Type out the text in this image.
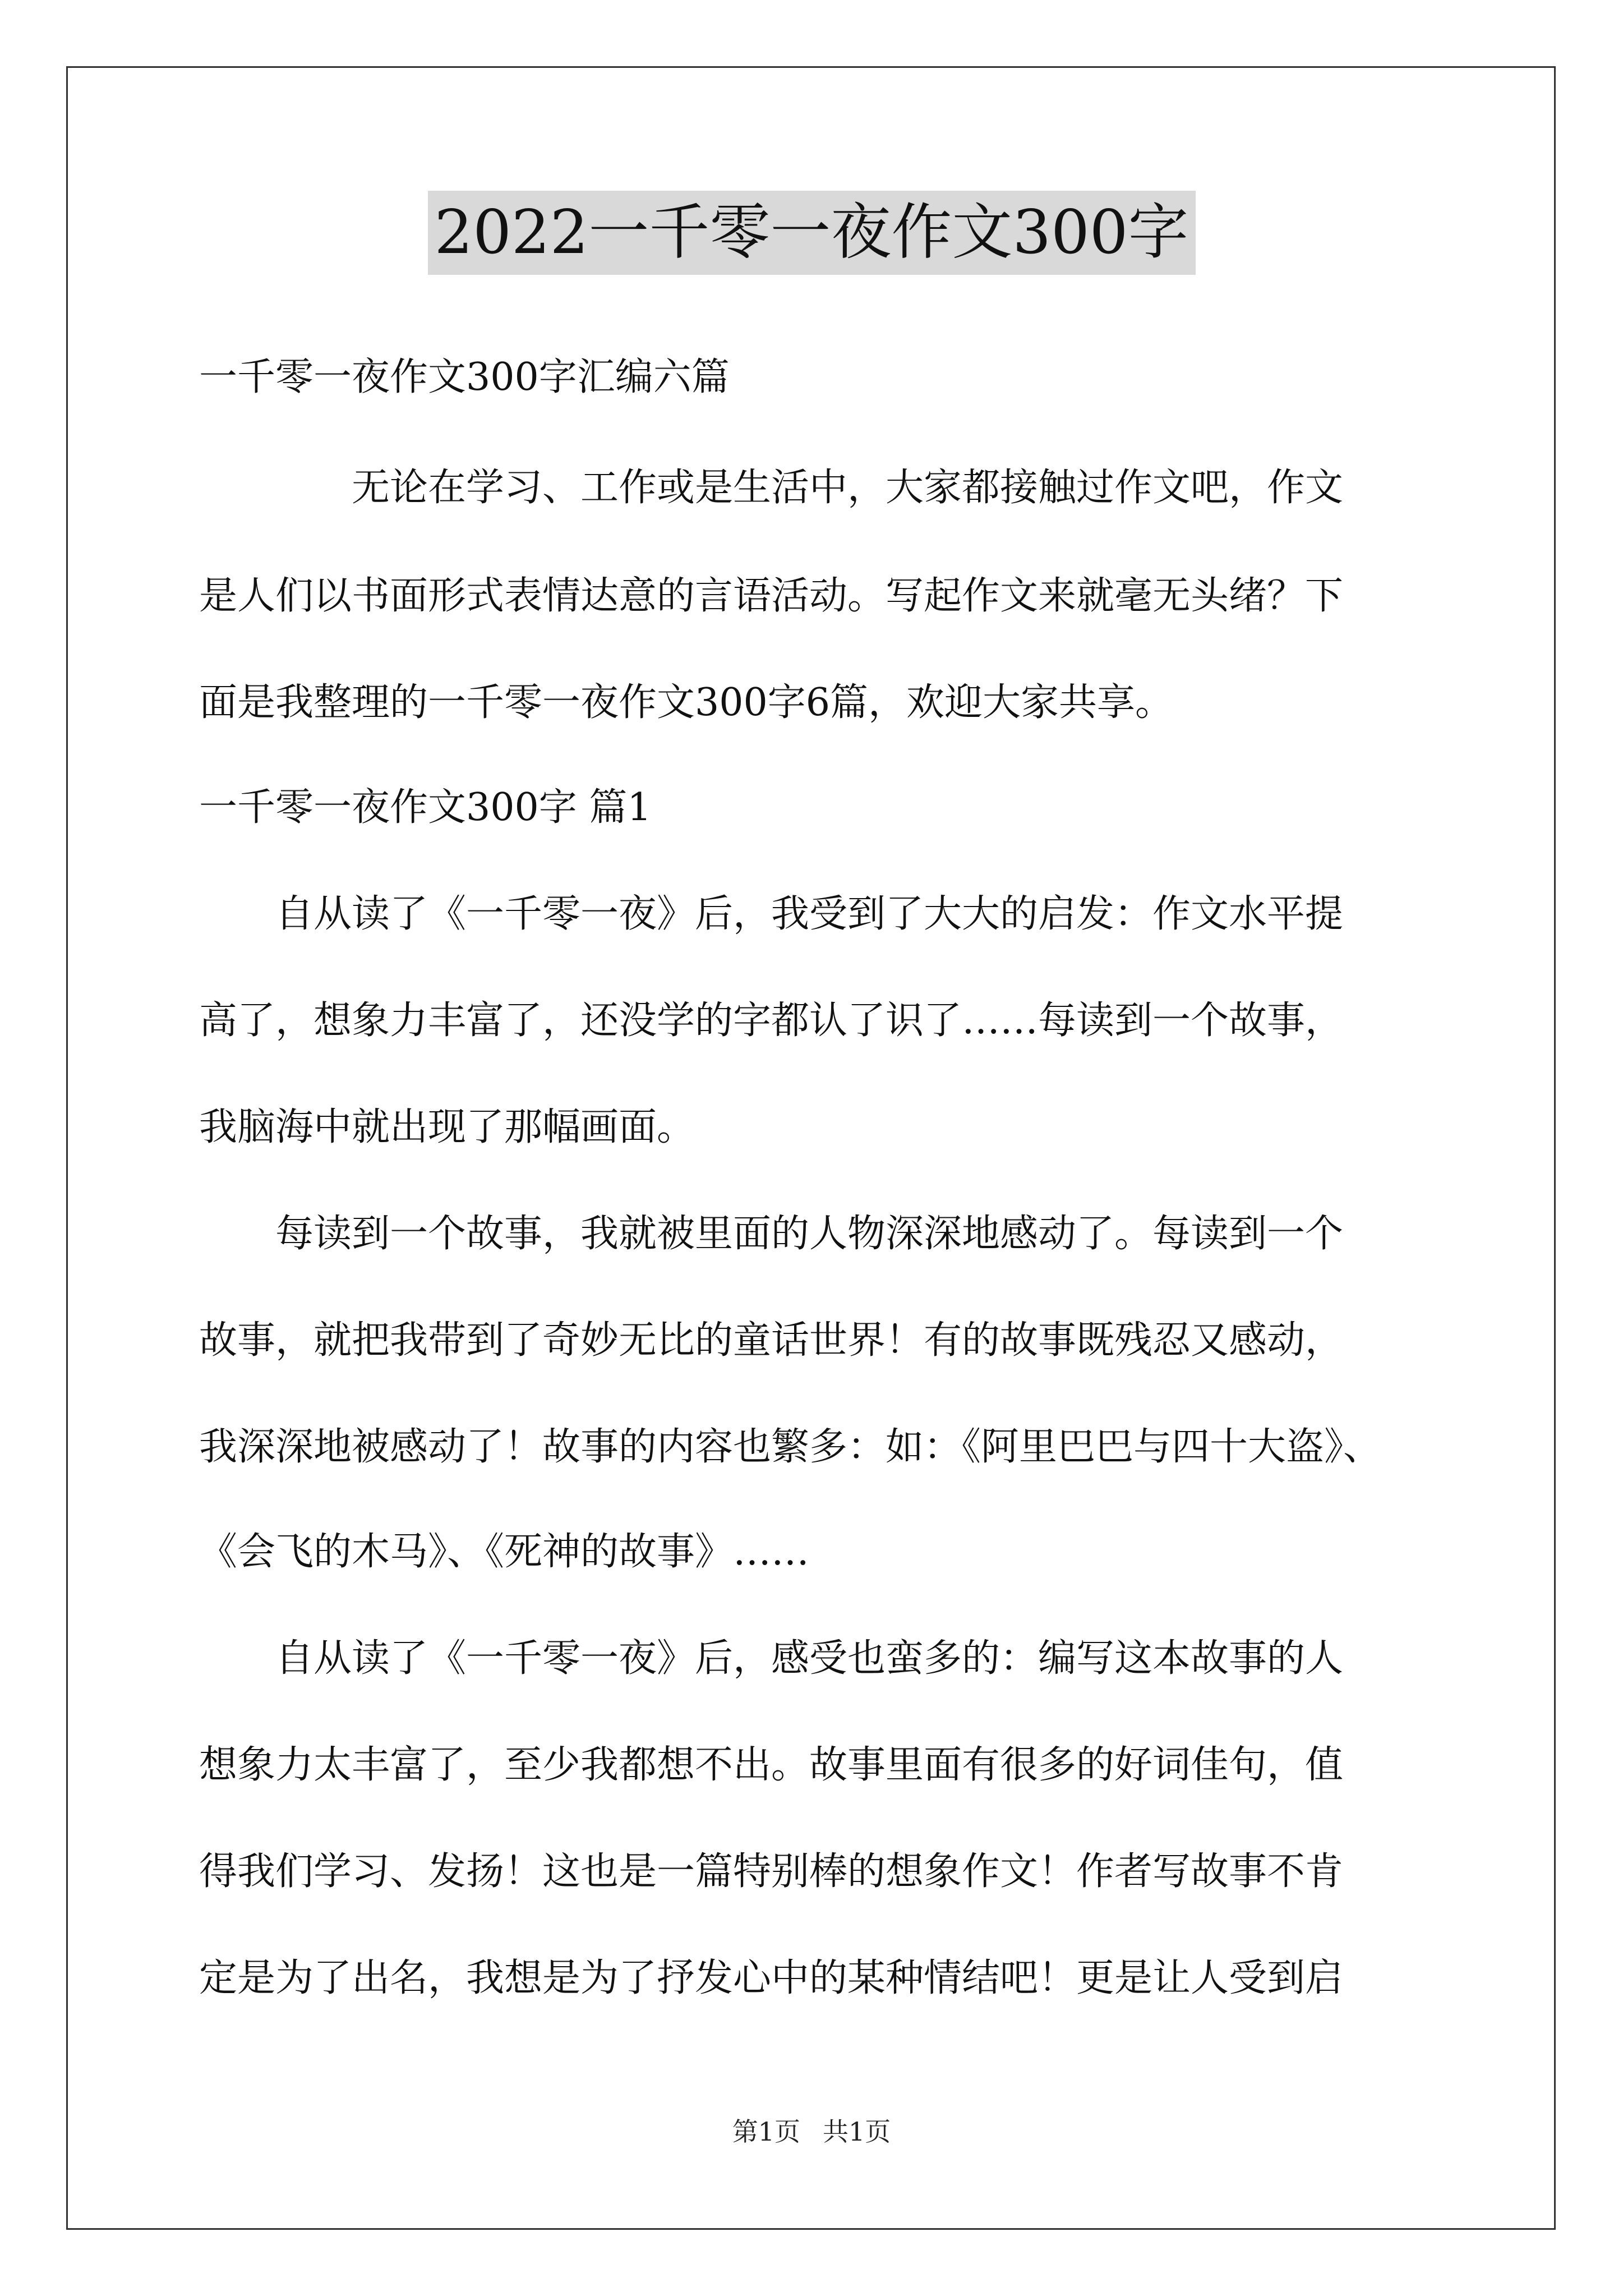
2022一千零一夜作文300字
一千零一夜作文300字汇编六篇
　　　　无论在学习、工作或是生活中，大家都接触过作文吧，作文
是人们以书面形式表情达意的言语活动。写起作文来就毫无头绪？下
面是我整理的一千零一夜作文300字6篇，欢迎大家共享。
一千零一夜作文300字 篇1
　　自从读了《一千零一夜》后，我受到了大大的启发：作文水平提
高了，想象力丰富了，还没学的字都认了识了……每读到一个故事，
我脑海中就出现了那幅画面。
　　每读到一个故事，我就被里面的人物深深地感动了。每读到一个
故事，就把我带到了奇妙无比的童话世界！有的故事既残忍又感动，
我深深地被感动了！故事的内容也繁多：如：《阿里巴巴与四十大盗》、
《会飞的木马》、《死神的故事》……
　　自从读了《一千零一夜》后，感受也蛮多的：编写这本故事的人
想象力太丰富了，至少我都想不出。故事里面有很多的好词佳句，值
得我们学习、发扬！这也是一篇特别棒的想象作文！作者写故事不肯
定是为了出名，我想是为了抒发心中的某种情结吧！更是让人受到启
第1页 共1页
